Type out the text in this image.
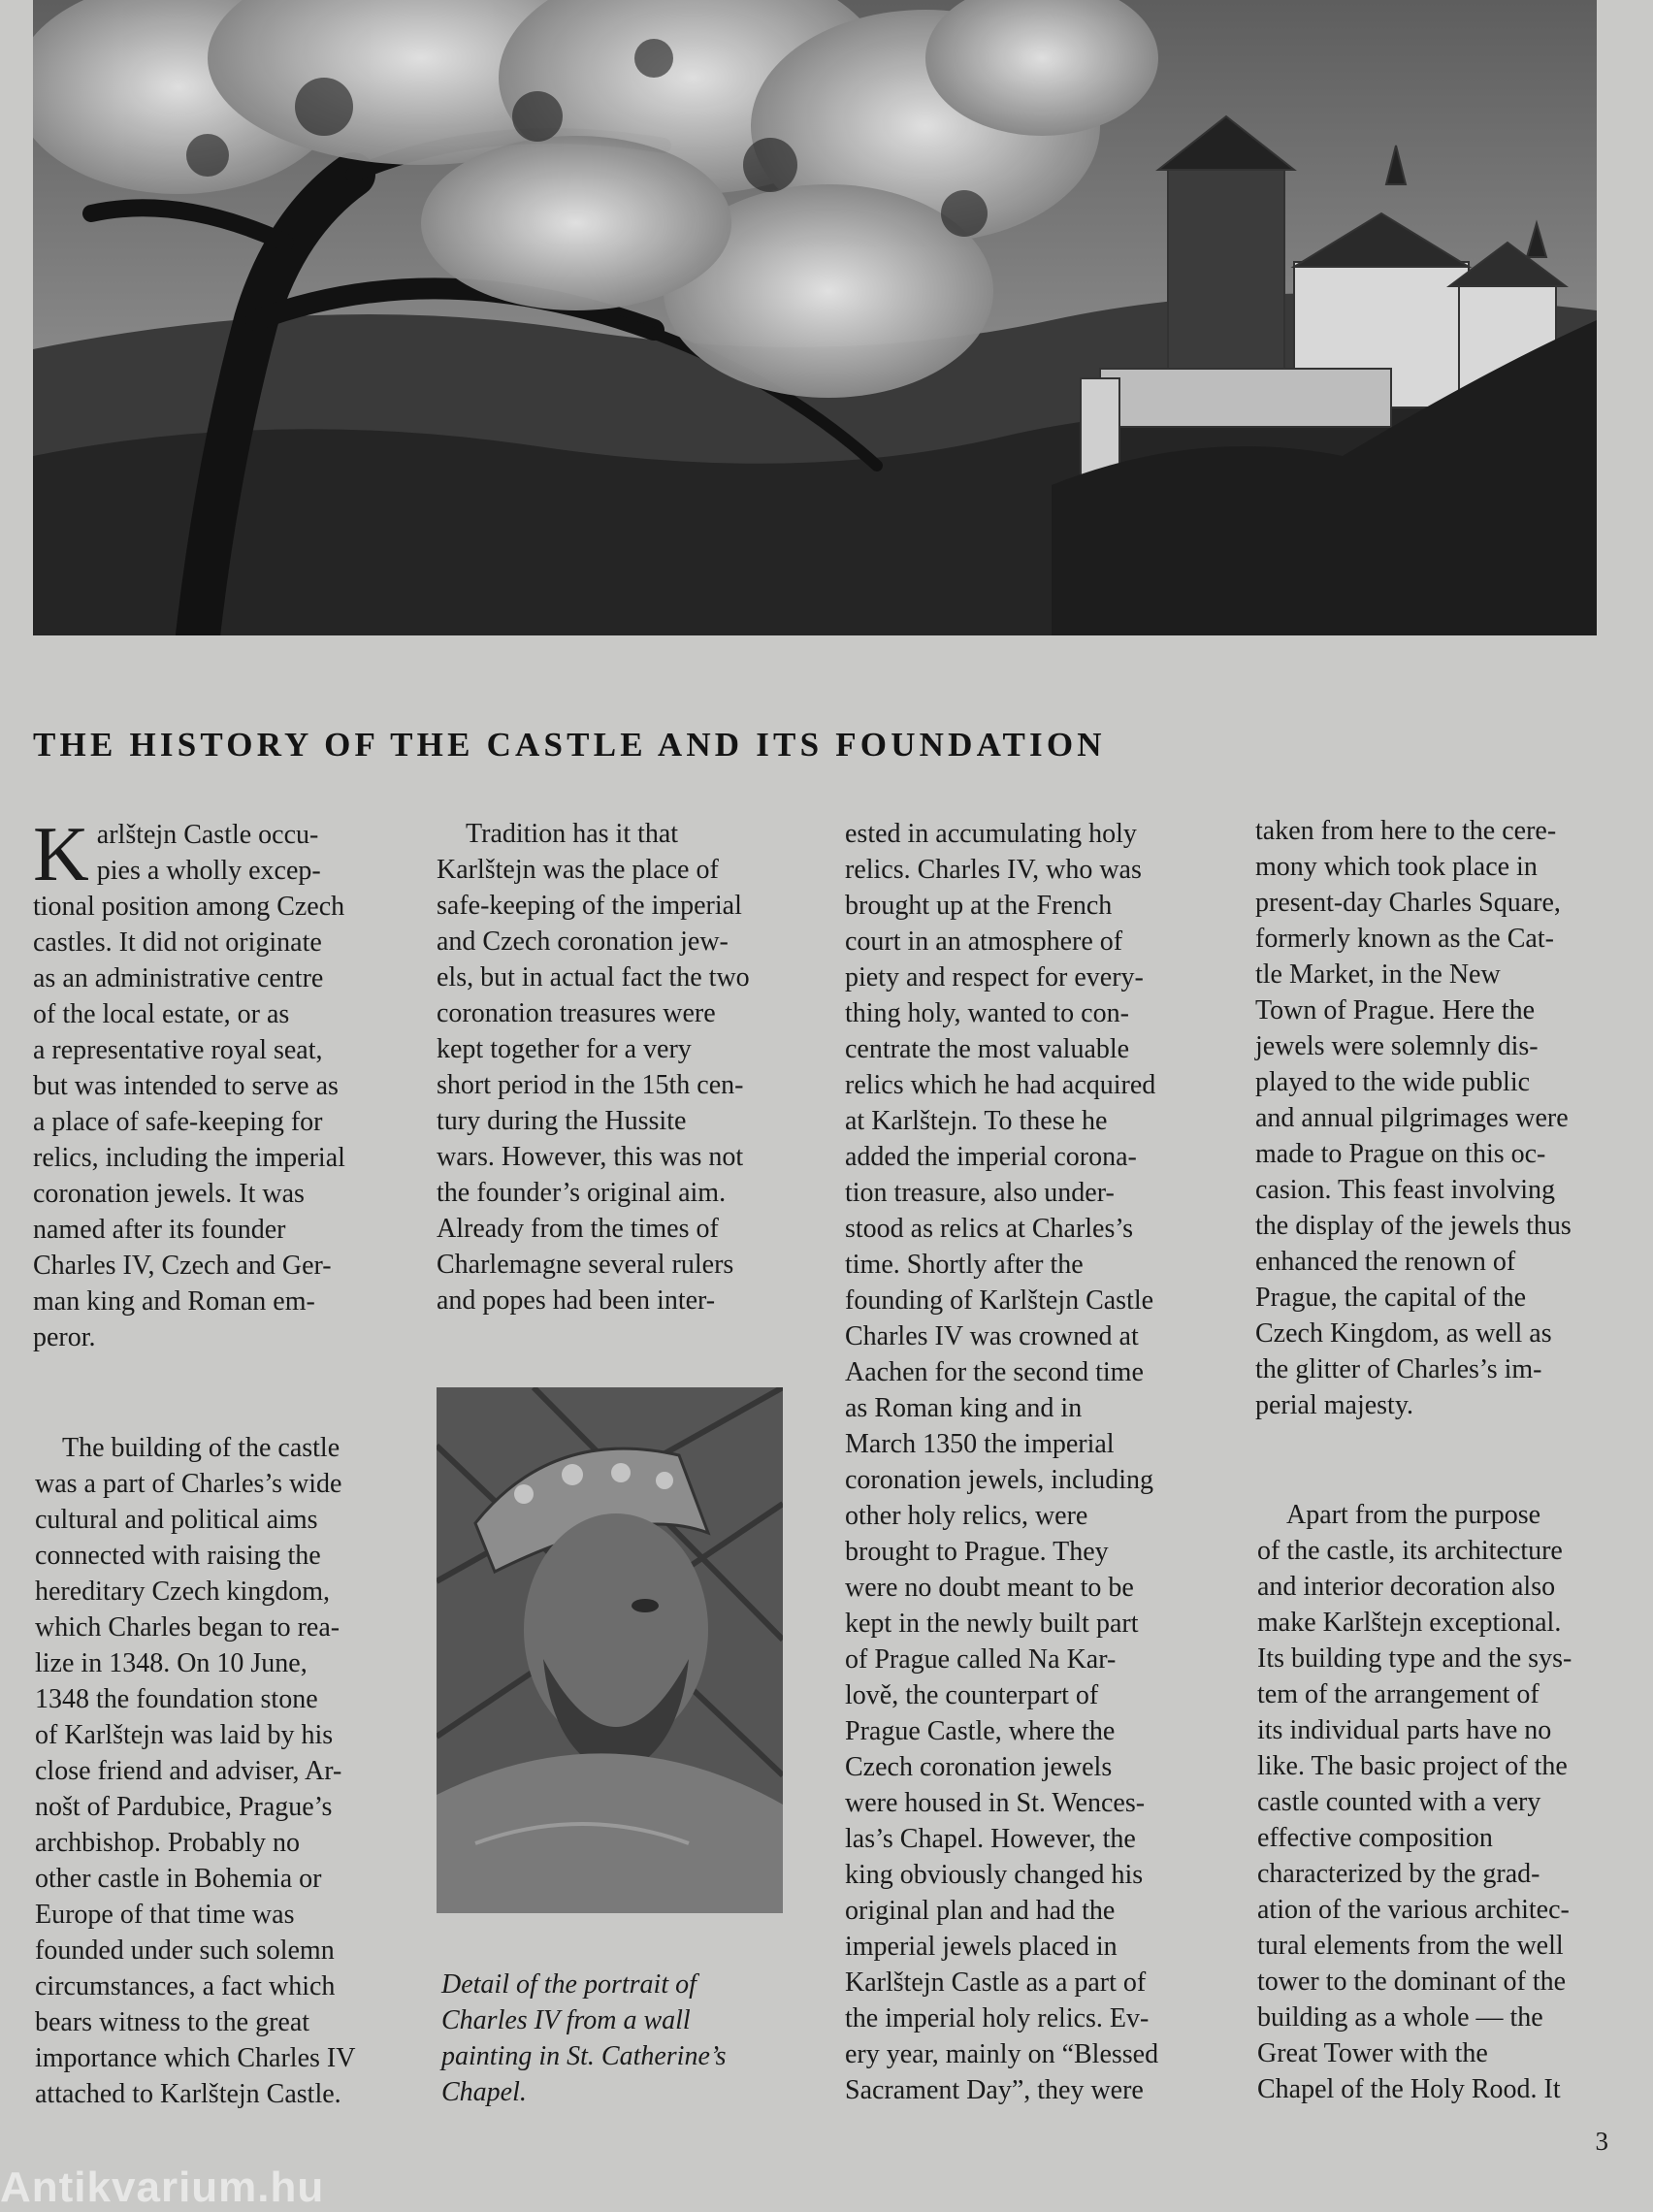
THE HISTORY OF THE CASTLE AND ITS FOUNDATION
K arlštejn Castle occu-
pies a wholly excep-
tional position among Czech
castles. It did not originate
as an administrative centre
of the local estate, or as
a representative royal seat,
but was intended to serve as
a place of safe-keeping for
relics, including the imperial
coronation jewels. It was
named after its founder
Charles IV, Czech and Ger-
man king and Roman em-
peror.
The building of the castle
was a part of Charles’s wide
cultural and political aims
connected with raising the
hereditary Czech kingdom,
which Charles began to rea-
lize in 1348. On 10 June,
1348 the foundation stone
of Karlštejn was laid by his
close friend and adviser, Ar-
nošt of Pardubice, Prague’s
archbishop. Probably no
other castle in Bohemia or
Europe of that time was
founded under such solemn
circumstances, a fact which
bears witness to the great
importance which Charles IV
attached to Karlštejn Castle.
Tradition has it that
Karlštejn was the place of
safe-keeping of the imperial
and Czech coronation jew-
els, but in actual fact the two
coronation treasures were
kept together for a very
short period in the 15th cen-
tury during the Hussite
wars. However, this was not
the founder’s original aim.
Already from the times of
Charlemagne several rulers
and popes had been inter-

Detail of the portrait of
Charles IV from a wall
painting in St. Catherine’s
Chapel.

ested in accumulating holy
relics. Charles IV, who was
brought up at the French
court in an atmosphere of
piety and respect for every-
thing holy, wanted to con-
centrate the most valuable
relics which he had acquired
at Karlštejn. To these he
added the imperial corona-
tion treasure, also under-
stood as relics at Charles’s
time. Shortly after the
founding of Karlštejn Castle
Charles IV was crowned at
Aachen for the second time
as Roman king and in
March 1350 the imperial
coronation jewels, including
other holy relics, were
brought to Prague. They
were no doubt meant to be
kept in the newly built part
of Prague called Na Kar-
lově, the counterpart of
Prague Castle, where the
Czech coronation jewels
were housed in St. Wences-
las’s Chapel. However, the
king obviously changed his
original plan and had the
imperial jewels placed in
Karlštejn Castle as a part of
the imperial holy relics. Ev-
ery year, mainly on “Blessed
Sacrament Day”, they were
taken from here to the cere-
mony which took place in
present-day Charles Square,
formerly known as the Cat-
tle Market, in the New
Town of Prague. Here the
jewels were solemnly dis-
played to the wide public
and annual pilgrimages were
made to Prague on this oc-
casion. This feast involving
the display of the jewels thus
enhanced the renown of
Prague, the capital of the
Czech Kingdom, as well as
the glitter of Charles’s im-
perial majesty.
Apart from the purpose
of the castle, its architecture
and interior decoration also
make Karlštejn exceptional.
Its building type and the sys-
tem of the arrangement of
its individual parts have no
like. The basic project of the
castle counted with a very
effective composition
characterized by the grad-
ation of the various architec-
tural elements from the well
tower to the dominant of the
building as a whole — the
Great Tower with the
Chapel of the Holy Rood. It
3
Antikvarium.hu
